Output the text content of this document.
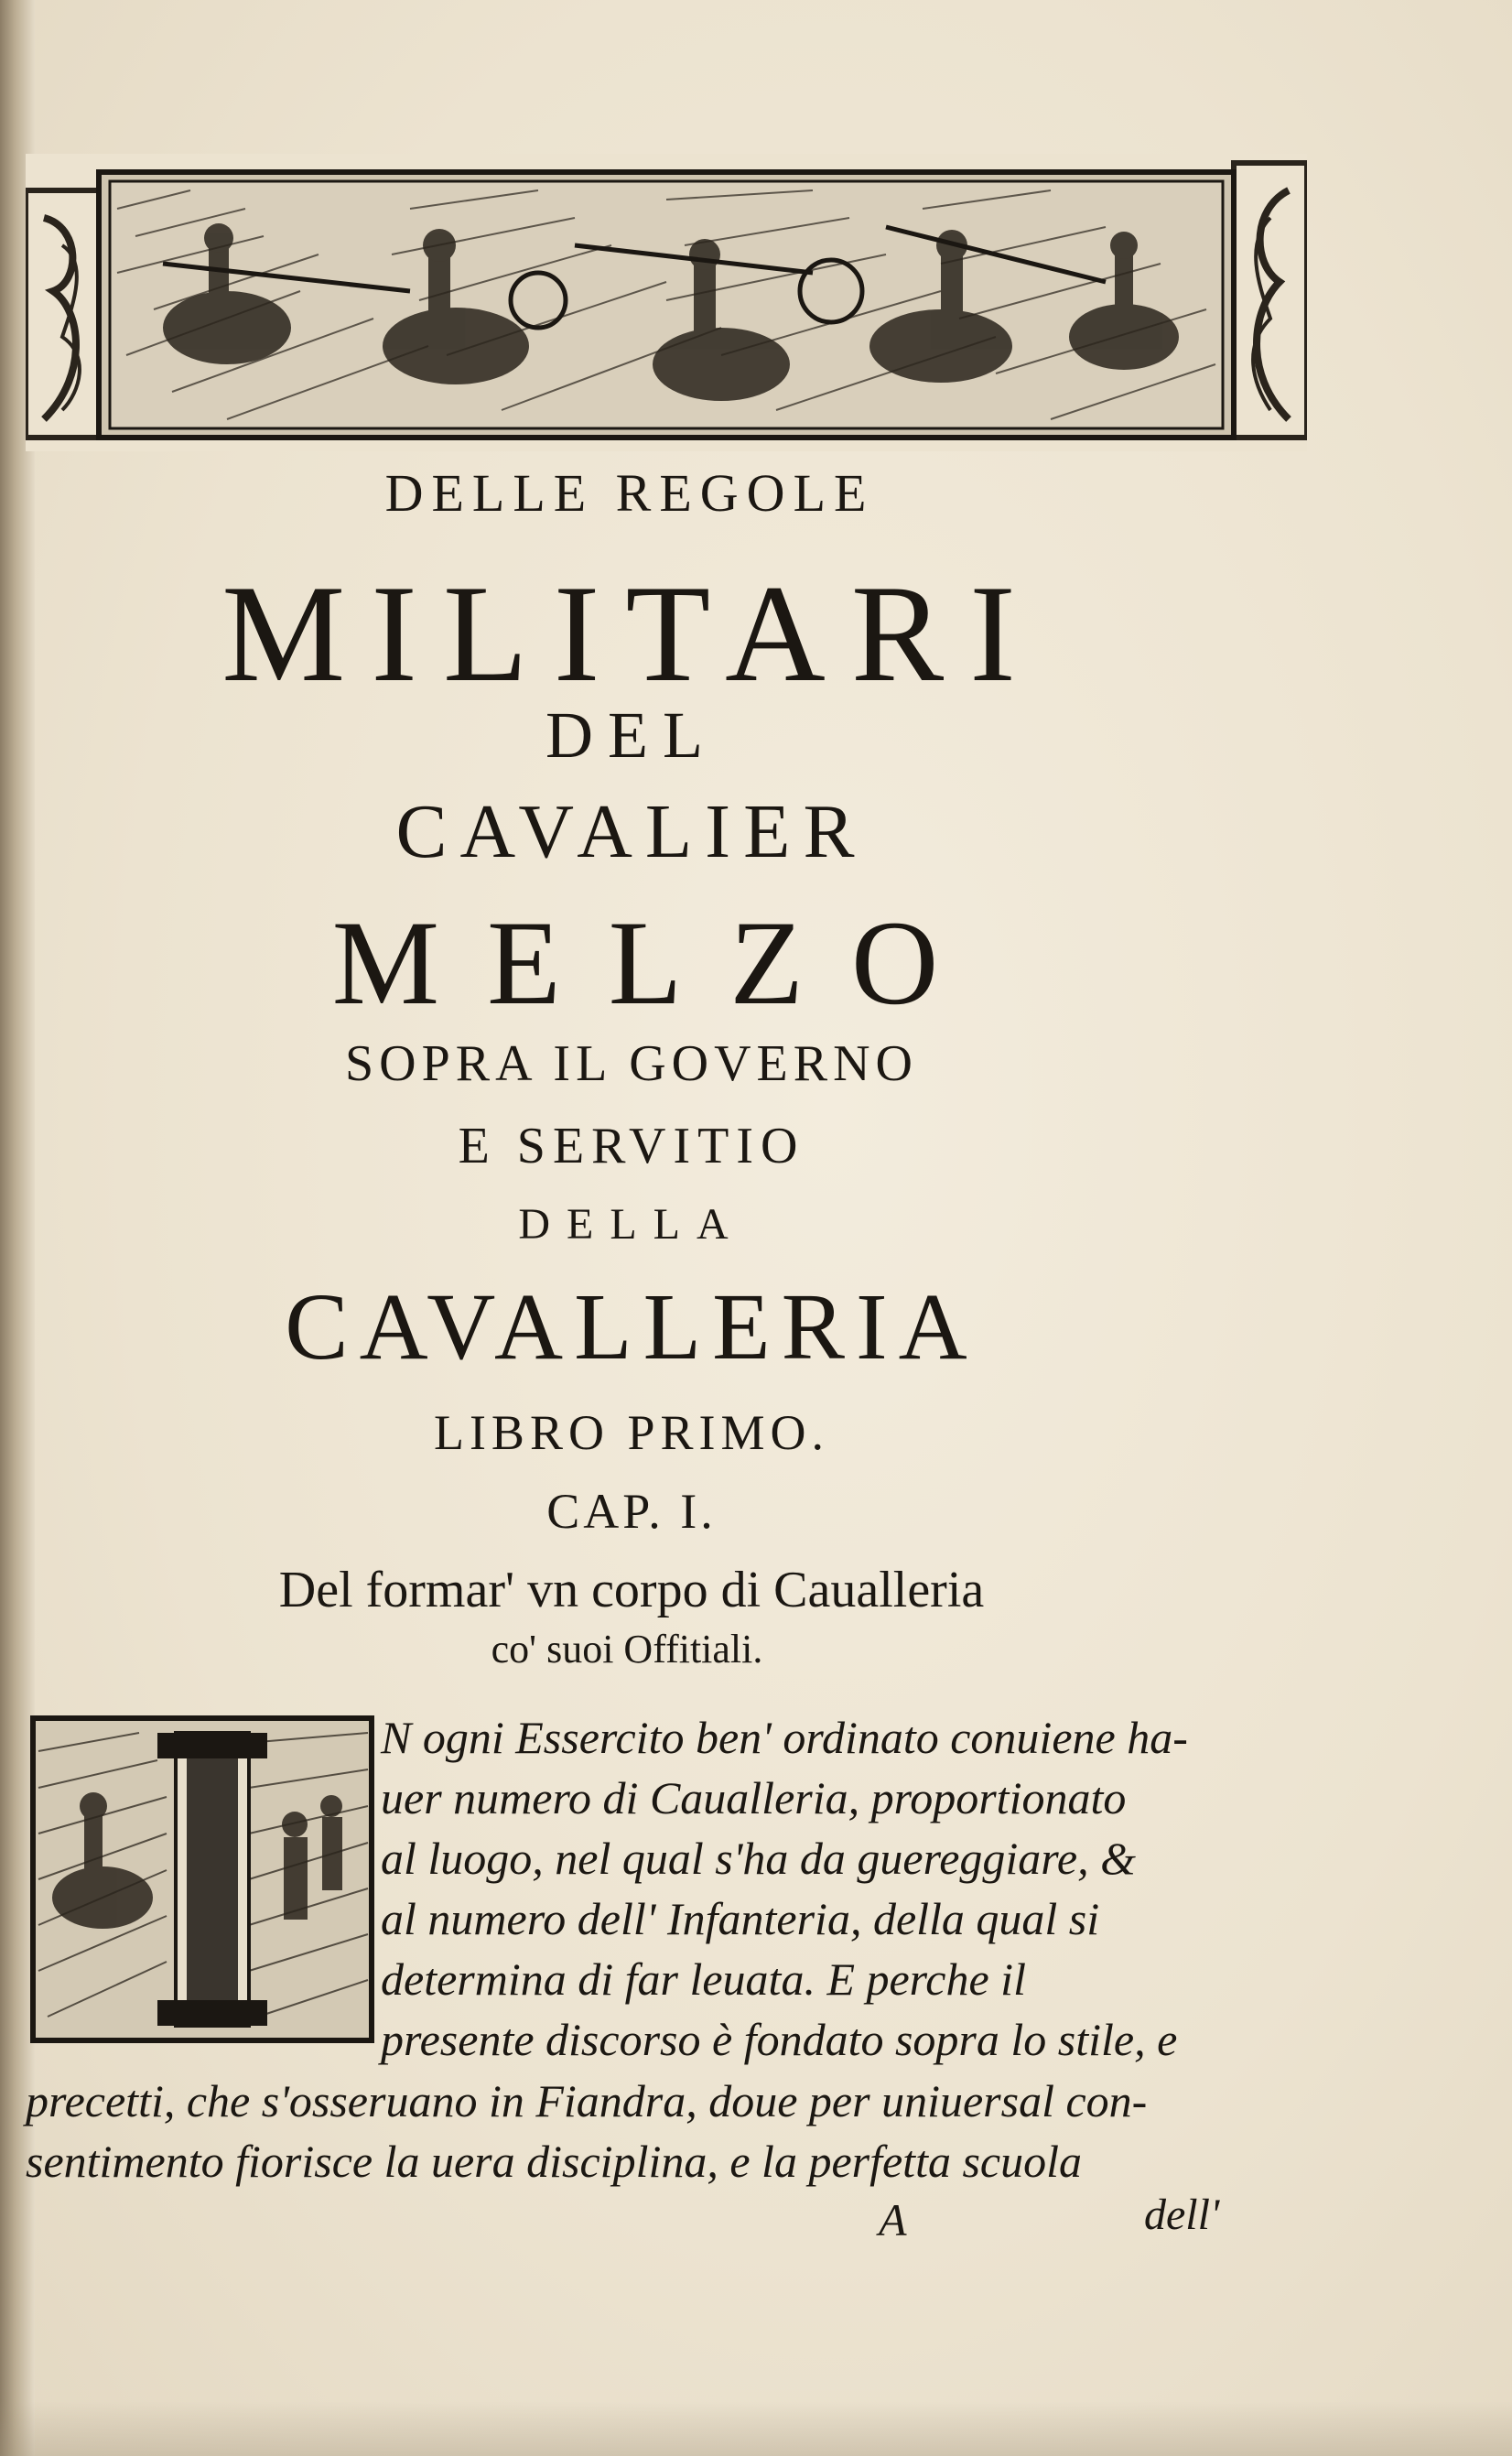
DELLE REGOLE
MILITARI
DEL
CAVALIER
MELZO
SOPRA IL GOVERNO
E SERVITIO
DELLA
CAVALLERIA
LIBRO PRIMO.
CAP. I.
Del formar' vn corpo di Caualleria
co' suoi Offitiali.
N ogni Essercito ben' ordinato conuiene ha-
uer numero di Caualleria, proportionato
al luogo, nel qual s'ha da guereggiare, &
al numero dell' Infanteria, della qual si
determina di far leuata. E perche il
presente discorso è fondato sopra lo stile, e
precetti, che s'osseruano in Fiandra, doue per uniuersal con-
sentimento fiorisce la uera disciplina, e la perfetta scuola
A	dell'
